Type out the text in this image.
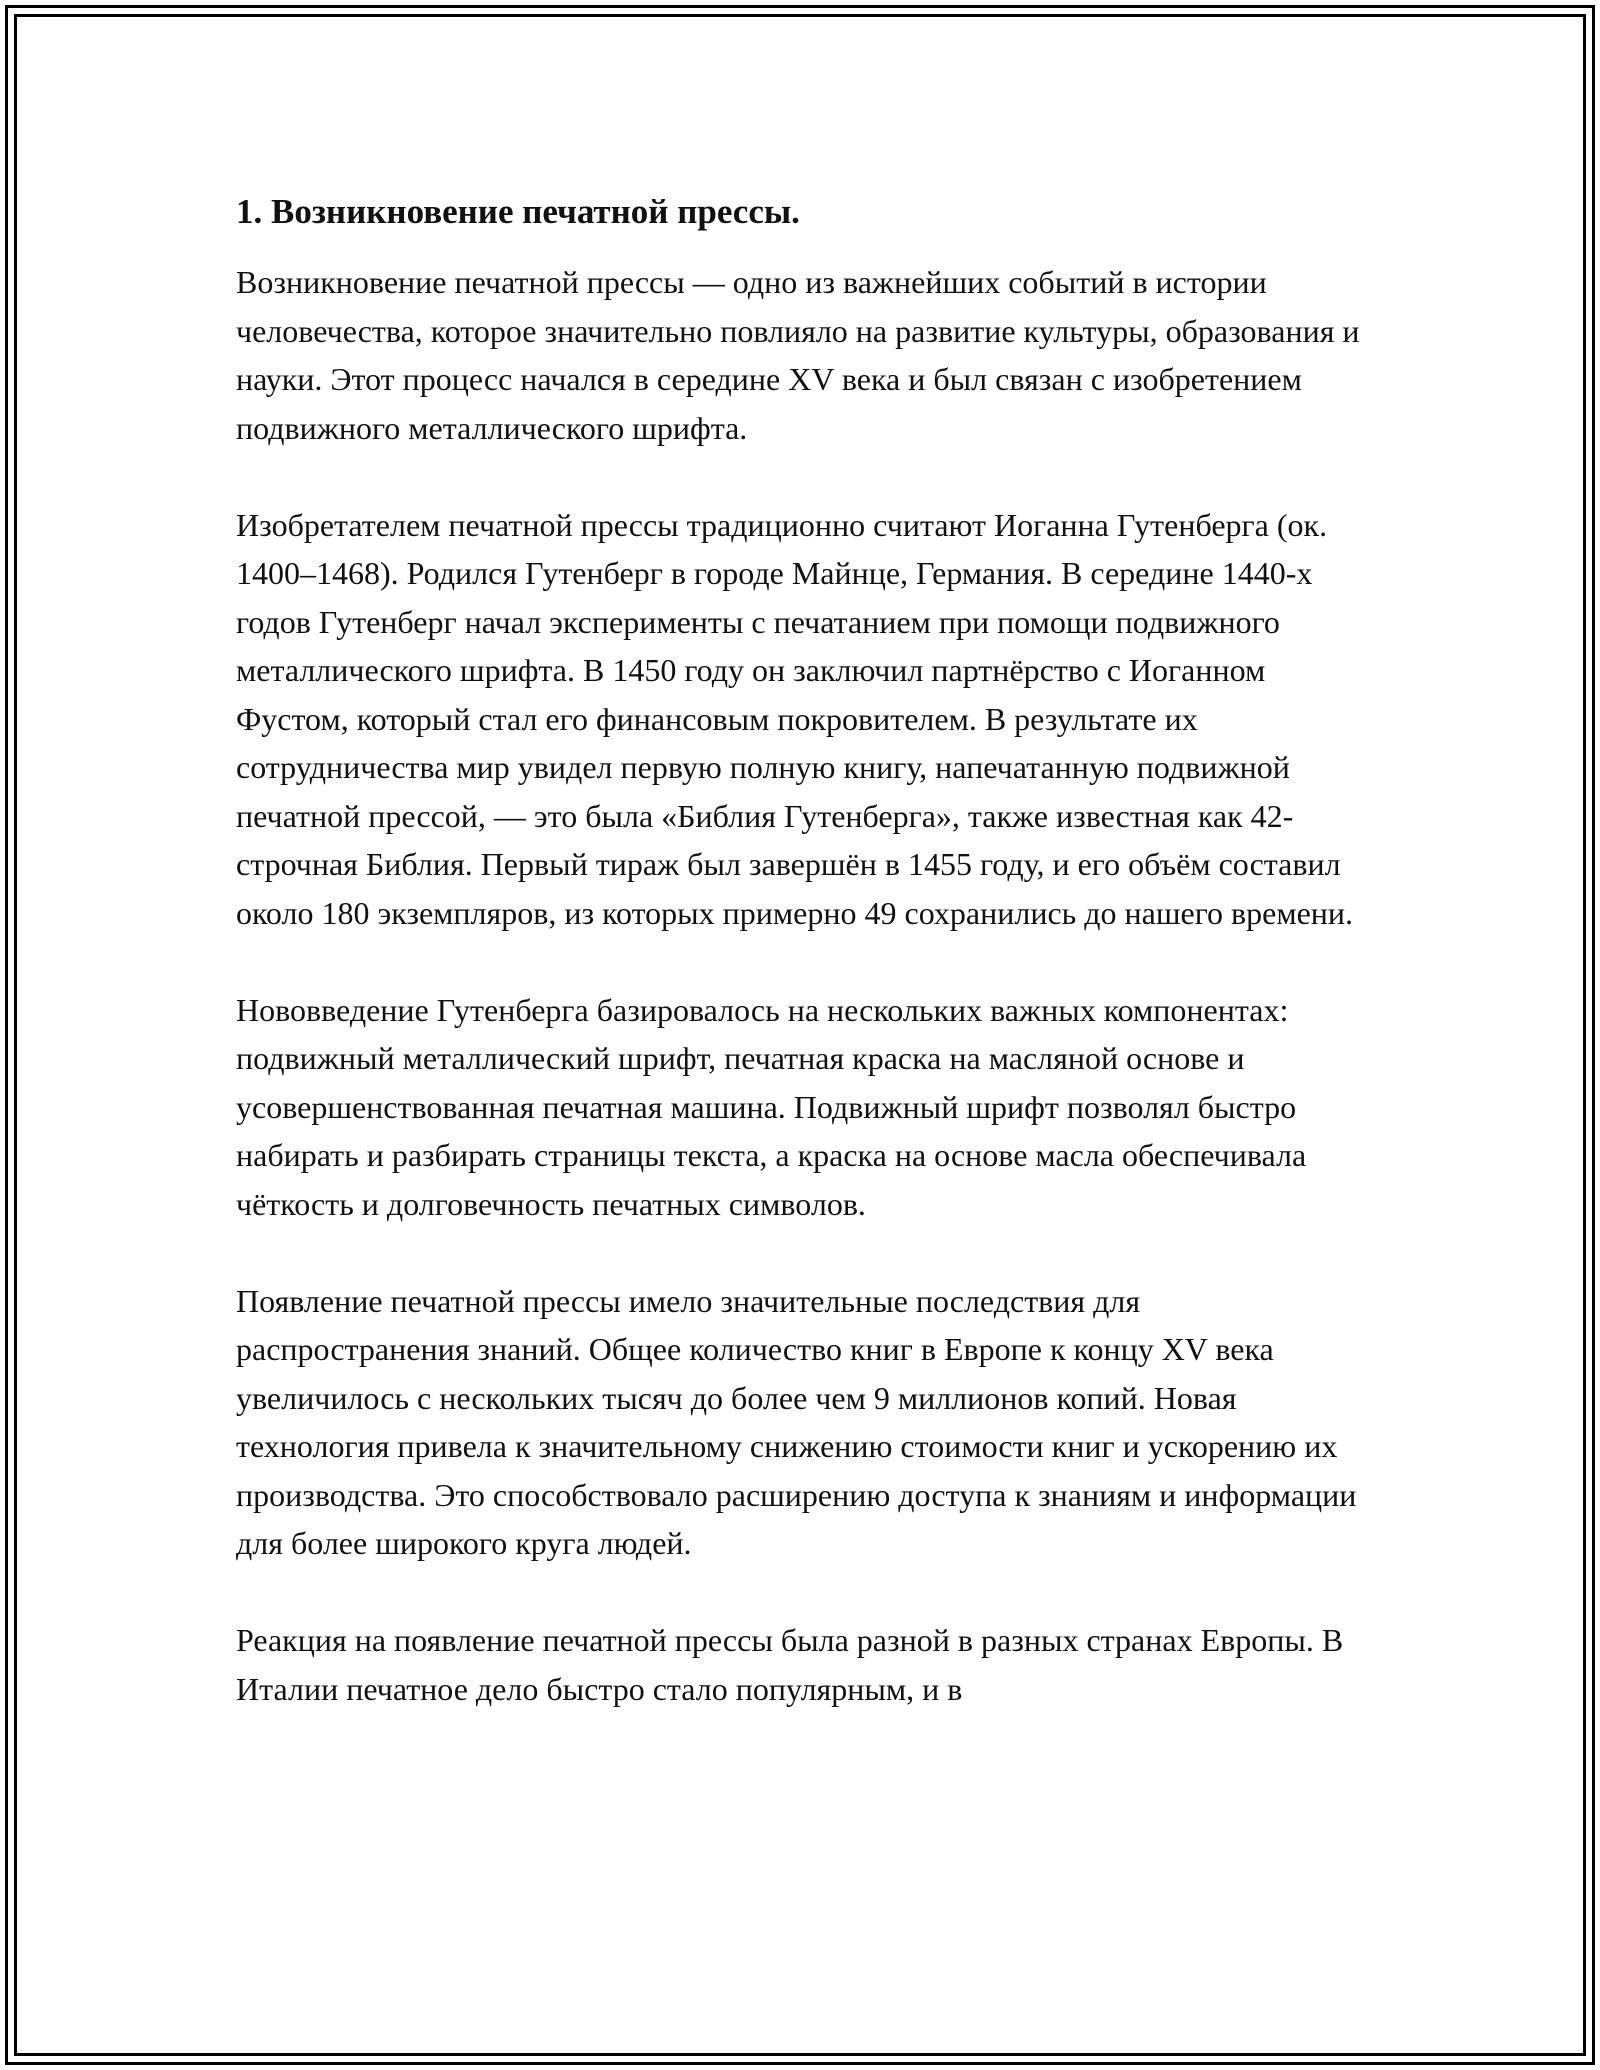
1. Возникновение печатной прессы.

Возникновение печатной прессы — одно из важнейших событий в истории человечества, которое значительно повлияло на развитие культуры, образования и науки. Этот процесс начался в середине XV века и был связан с изобретением подвижного металлического шрифта.

Изобретателем печатной прессы традиционно считают Иоганна Гутенберга (ок. 1400–1468). Родился Гутенберг в городе Майнце, Германия. В середине 1440-х годов Гутенберг начал эксперименты с печатанием при помощи подвижного металлического шрифта. В 1450 году он заключил партнёрство с Иоганном Фустом, который стал его финансовым покровителем. В результате их сотрудничества мир увидел первую полную книгу, напечатанную подвижной печатной прессой, — это была «Библия Гутенберга», также известная как 42-строчная Библия. Первый тираж был завершён в 1455 году, и его объём составил около 180 экземпляров, из которых примерно 49 сохранились до нашего времени.

Нововведение Гутенберга базировалось на нескольких важных компонентах: подвижный металлический шрифт, печатная краска на масляной основе и усовершенствованная печатная машина. Подвижный шрифт позволял быстро набирать и разбирать страницы текста, а краска на основе масла обеспечивала чёткость и долговечность печатных символов.

Появление печатной прессы имело значительные последствия для распространения знаний. Общее количество книг в Европе к концу XV века увеличилось с нескольких тысяч до более чем 9 миллионов копий. Новая технология привела к значительному снижению стоимости книг и ускорению их производства. Это способствовало расширению доступа к знаниям и информации для более широкого круга людей.

Реакция на появление печатной прессы была разной в разных странах Европы. В Италии печатное дело быстро стало популярным, и в
